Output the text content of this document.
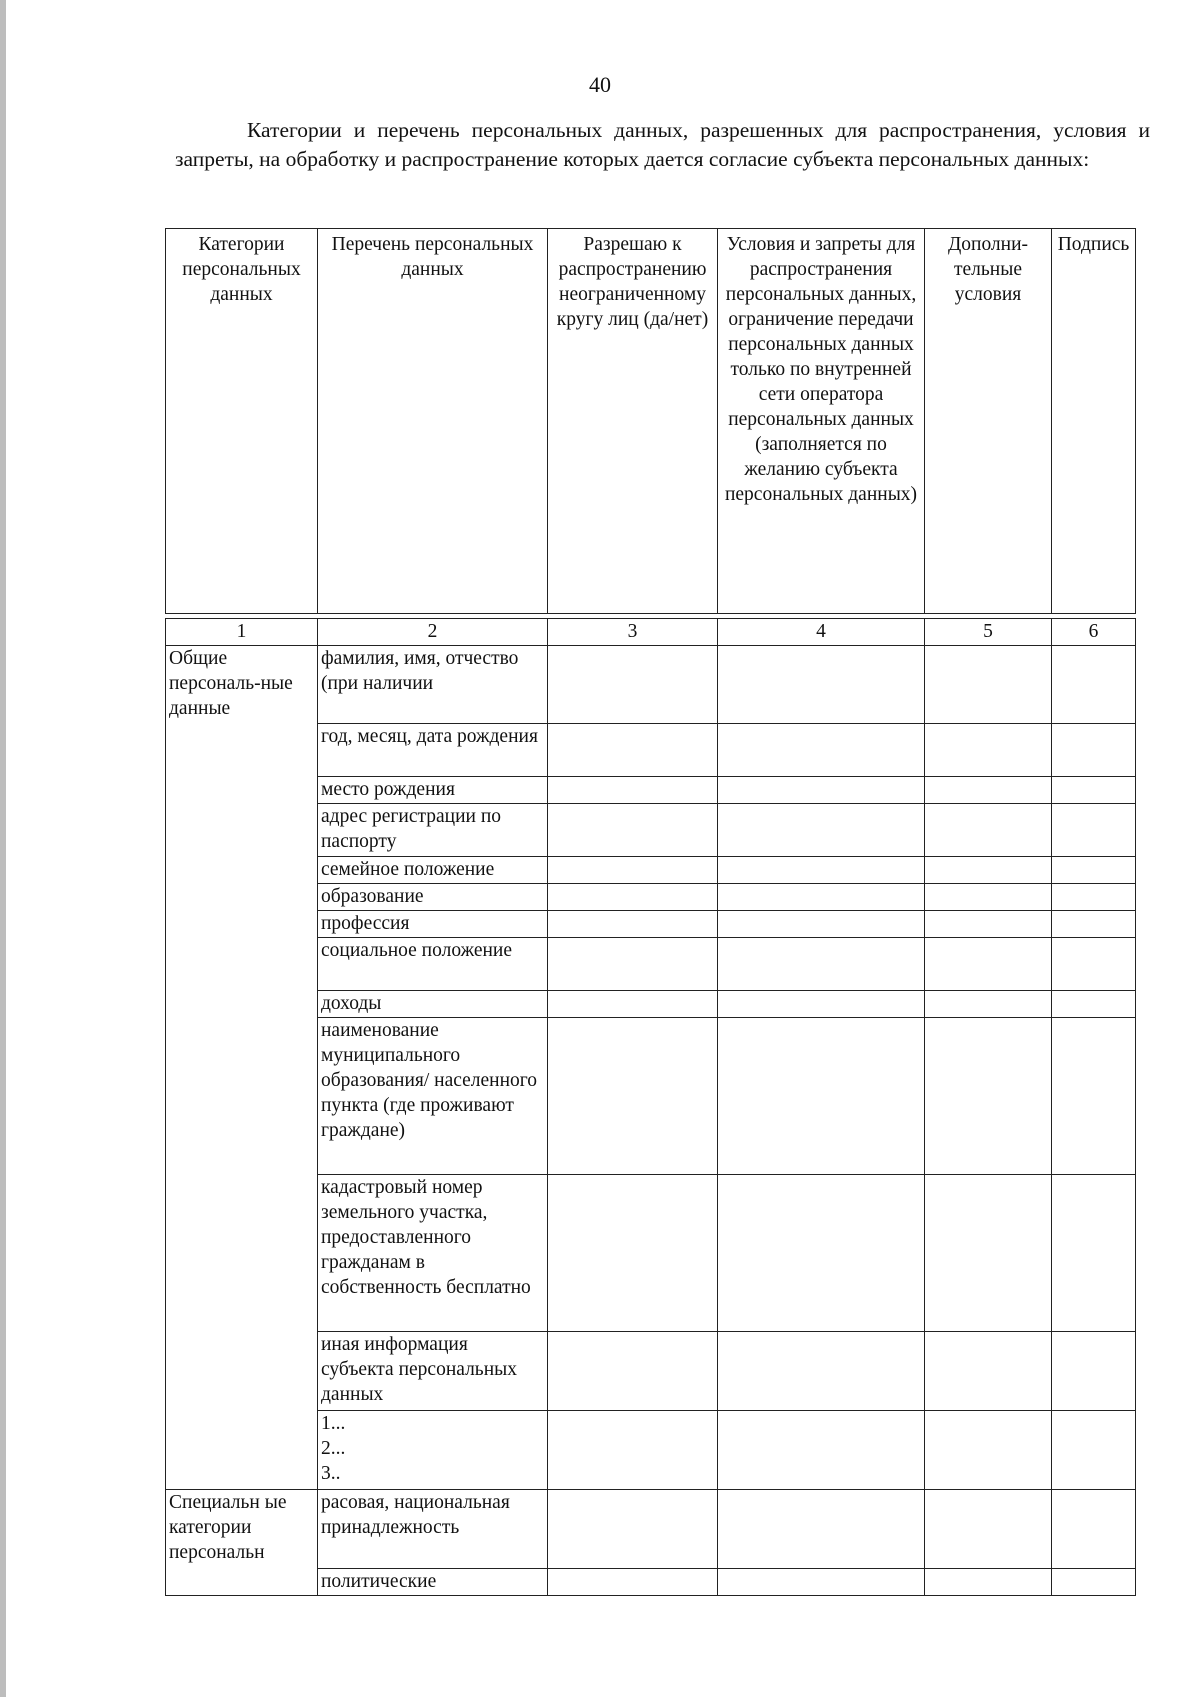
40
Категории и перечень персональных данных, разрешенных для распространения, условия и запреты, на обработку и распространение которых дается согласие субъекта персональных данных:
Категории персональных данных	Перечень персональных данных	Разрешаю к распространению неограниченному кругу лиц (да/нет)	Условия и запреты для распространения персональных данных, ограничение передачи персональных данных только по внутренней сети оператора персональных данных (заполняется по желанию субъекта персональных данных)	Дополни-тельные условия	Подпись

1	2	3	4	5	6
Общие персональ-ные данные	фамилия, имя, отчество (при наличии				
	год, месяц, дата рождения				
	место рождения				
	адрес регистрации по паспорту				
	семейное положение				
	образование				
	профессия				
	социальное положение				
	доходы				
	наименование муниципального образования/ населенного пункта (где проживают граждане)				
	кадастровый номер земельного участка, предоставленного гражданам в собственность бесплатно				
	иная информация субъекта персональных данных				
	1...
2...
3..				
Специальн ые категории персональн	расовая, национальная принадлежность				
	политические				
